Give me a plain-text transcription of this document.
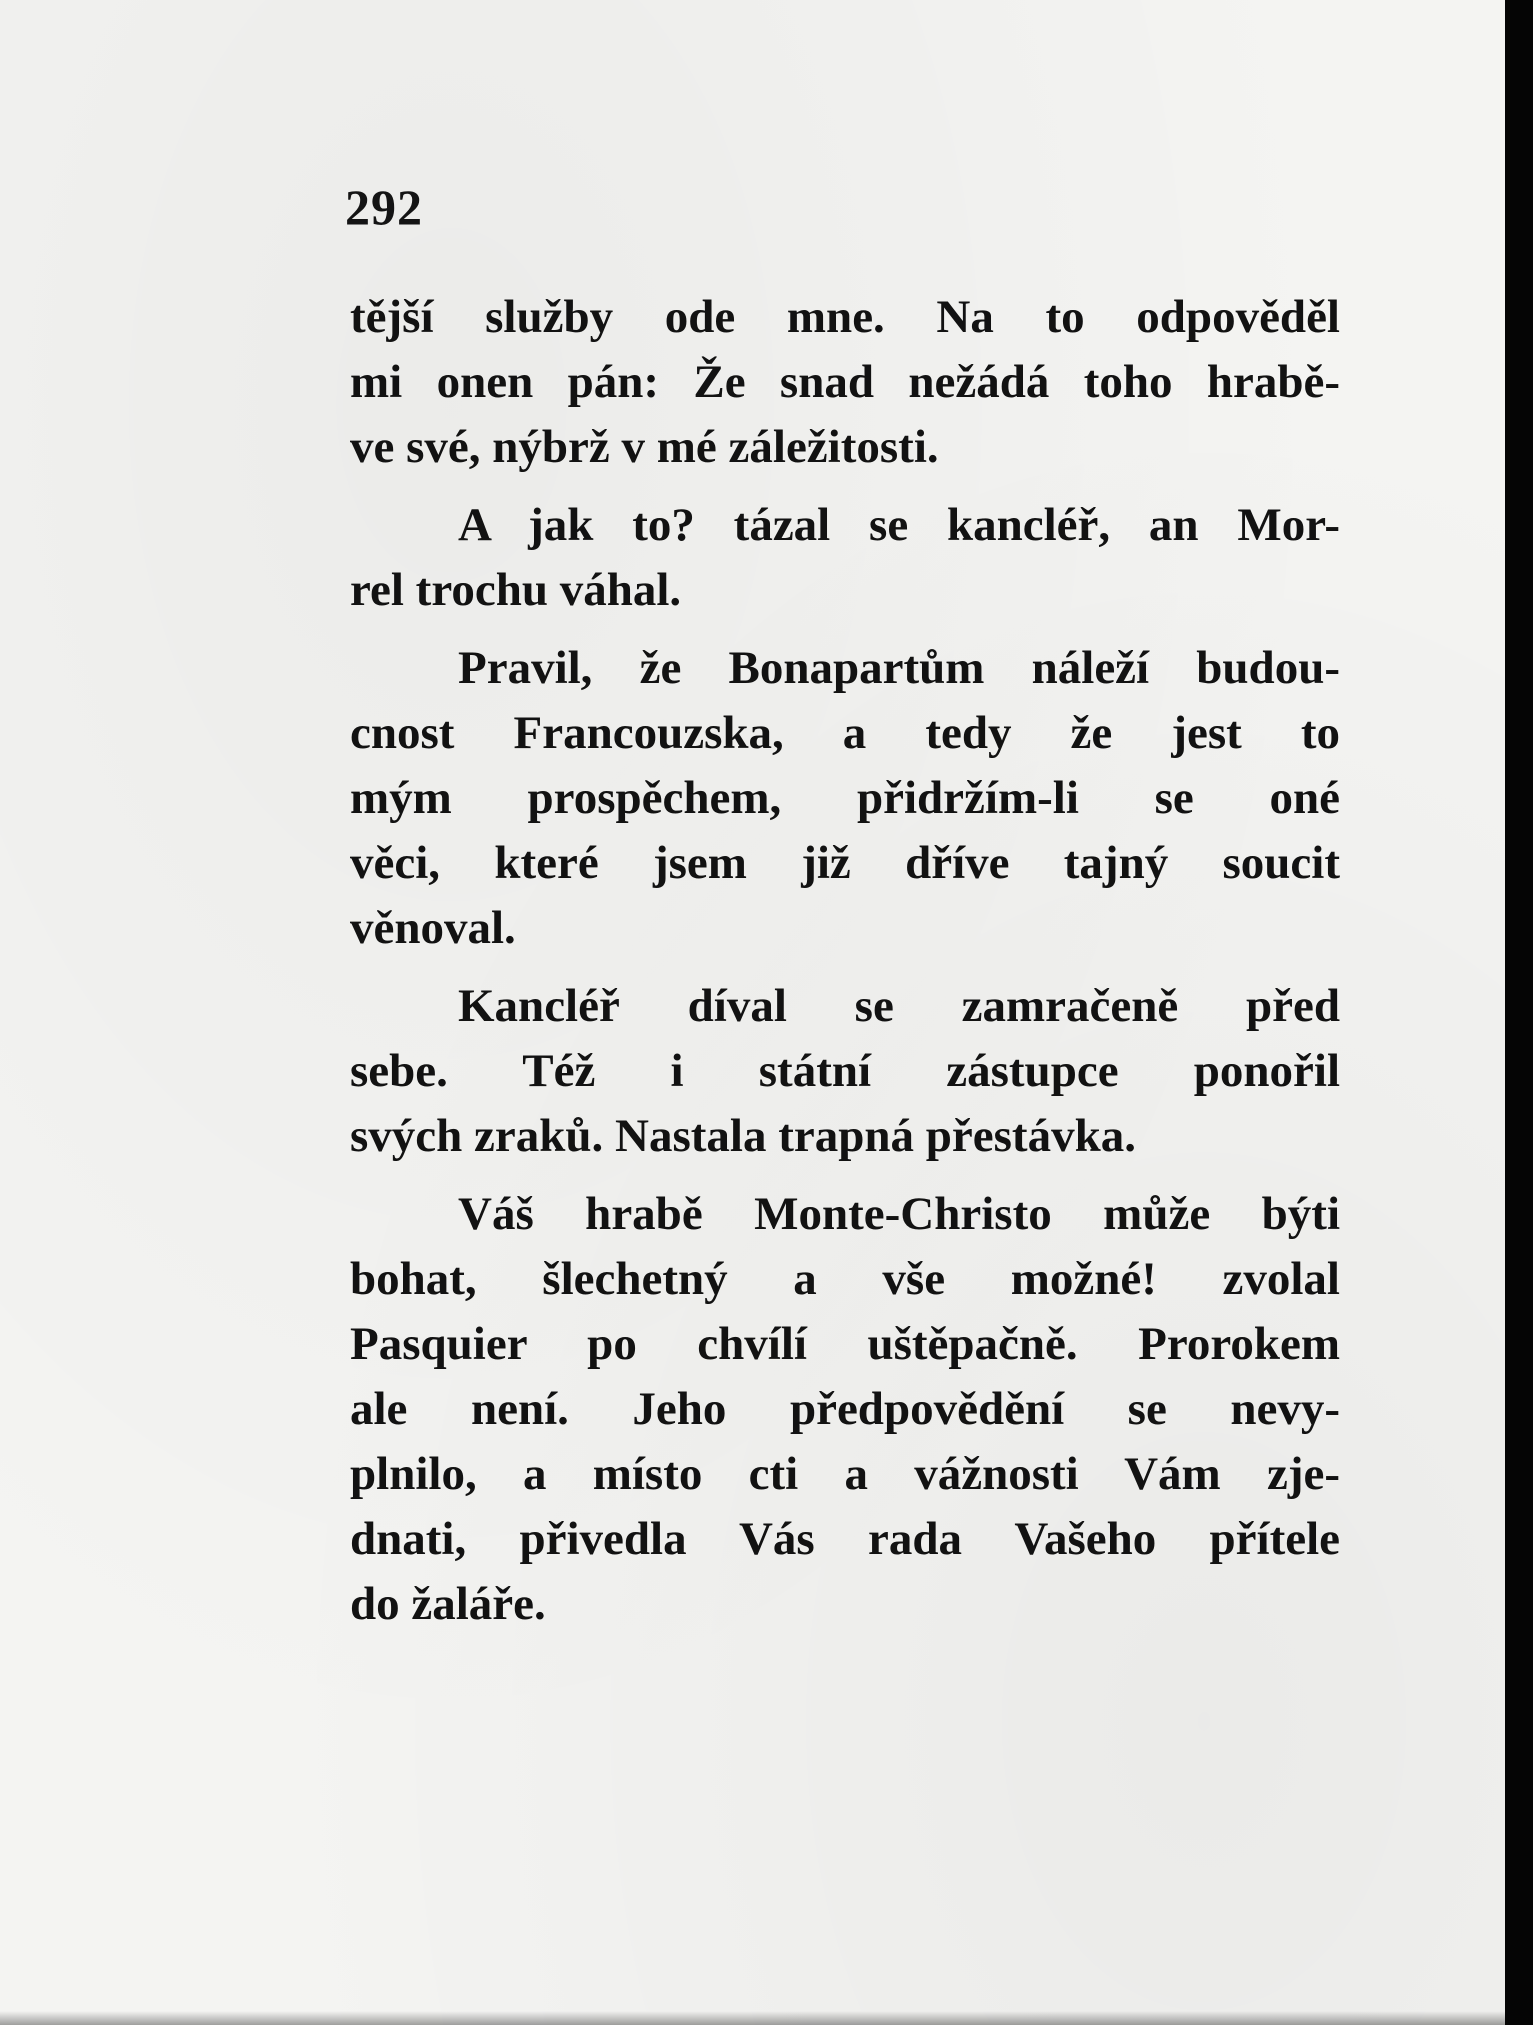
292
tější služby ode mne. Na to odpověděl
mi onen pán: Že snad nežádá toho hrabě-
ve své, nýbrž v mé záležitosti.
A jak to? tázal se kancléř, an Mor-
rel trochu váhal.
Pravil, že Bonapartům náleží budou-
cnost Francouzska, a tedy že jest to
mým prospěchem, přidržím-li se oné
věci, které jsem již dříve tajný soucit
věnoval.
Kancléř díval se zamračeně před
sebe. Též i státní zástupce ponořil
svých zraků. Nastala trapná přestávka.
Váš hrabě Monte-Christo může býti
bohat, šlechetný a vše možné! zvolal
Pasquier po chvílí uštěpačně. Prorokem
ale není. Jeho předpovědění se nevy-
plnilo, a místo cti a vážnosti Vám zje-
dnati, přivedla Vás rada Vašeho přítele
do žaláře.
